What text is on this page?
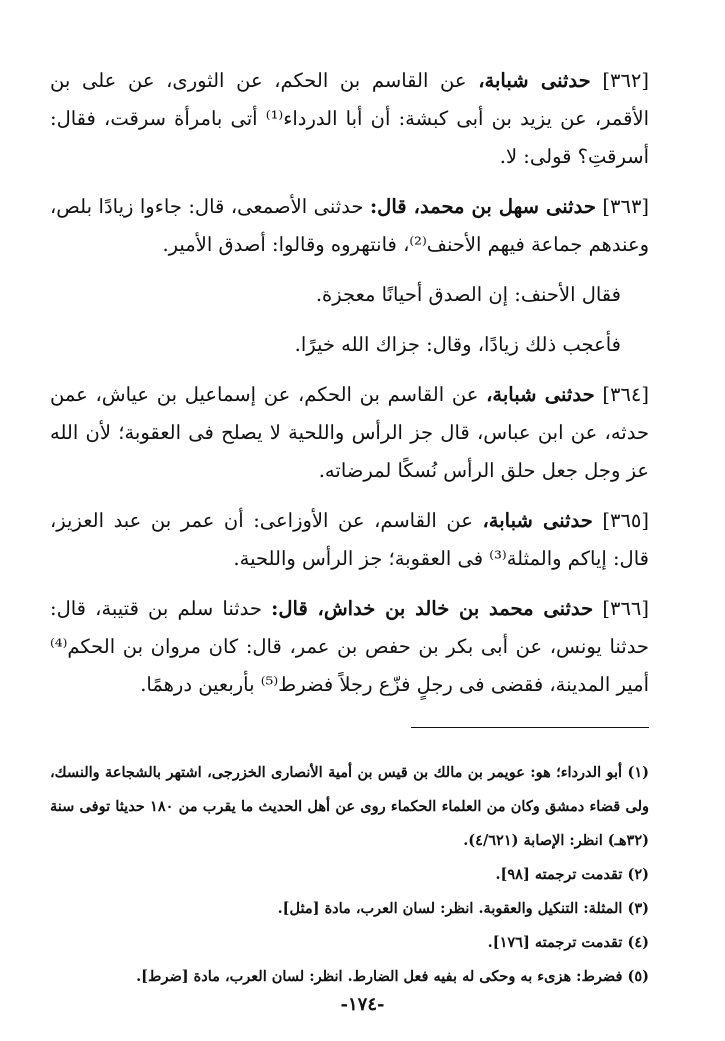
[٣٦٢] حدثنى شبابة، عن القاسم بن الحكم، عن الثورى، عن على بن الأقمر، عن يزيد بن أبى كبشة: أن أبا الدرداء⁽¹⁾ أتى بامرأة سرقت، فقال: أسرقتِ؟ قولى: لا.

[٣٦٣] حدثنى سهل بن محمد، قال: حدثنى الأصمعى، قال: جاءوا زيادًا بلص، وعندهم جماعة فيهم الأحنف⁽²⁾، فانتهروه وقالوا: أصدق الأمير.

فقال الأحنف: إن الصدق أحيانًا معجزة.

فأعجب ذلك زيادًا، وقال: جزاك الله خيرًا.

[٣٦٤] حدثنى شبابة، عن القاسم بن الحكم، عن إسماعيل بن عياش، عمن حدثه، عن ابن عباس، قال جز الرأس واللحية لا يصلح فى العقوبة؛ لأن الله عز وجل جعل حلق الرأس نُسكًا لمرضاته.

[٣٦٥] حدثنى شبابة، عن القاسم، عن الأوزاعى: أن عمر بن عبد العزيز، قال: إياكم والمثلة⁽³⁾ فى العقوبة؛ جز الرأس واللحية.

[٣٦٦] حدثنى محمد بن خالد بن خداش، قال: حدثنا سلم بن قتيبة، قال: حدثنا يونس، عن أبى بكر بن حفص بن عمر، قال: كان مروان بن الحكم⁽⁴⁾ أمير المدينة، فقضى فى رجلٍ فزّع رجلاً فضرط⁽⁵⁾ بأربعين درهمًا.

(١) أبو الدرداء؛ هو: عويمر بن مالك بن قيس بن أمية الأنصارى الخزرجى، اشتهر بالشجاعة والنسك، ولى قضاء دمشق وكان من العلماء الحكماء روى عن أهل الحديث ما يقرب من ١٨٠ حديثا توفى سنة (٣٢هـ) انظر: الإصابة (٤/٦٢١).

(٢) تقدمت ترجمته [٩٨].

(٣) المثلة: التنكيل والعقوبة. انظر: لسان العرب، مادة [مثل].

(٤) تقدمت ترجمته [١٧٦].

(٥) فضرط: هزىء به وحكى له بفيه فعل الضارط. انظر: لسان العرب، مادة [ضرط].

-١٧٤-
